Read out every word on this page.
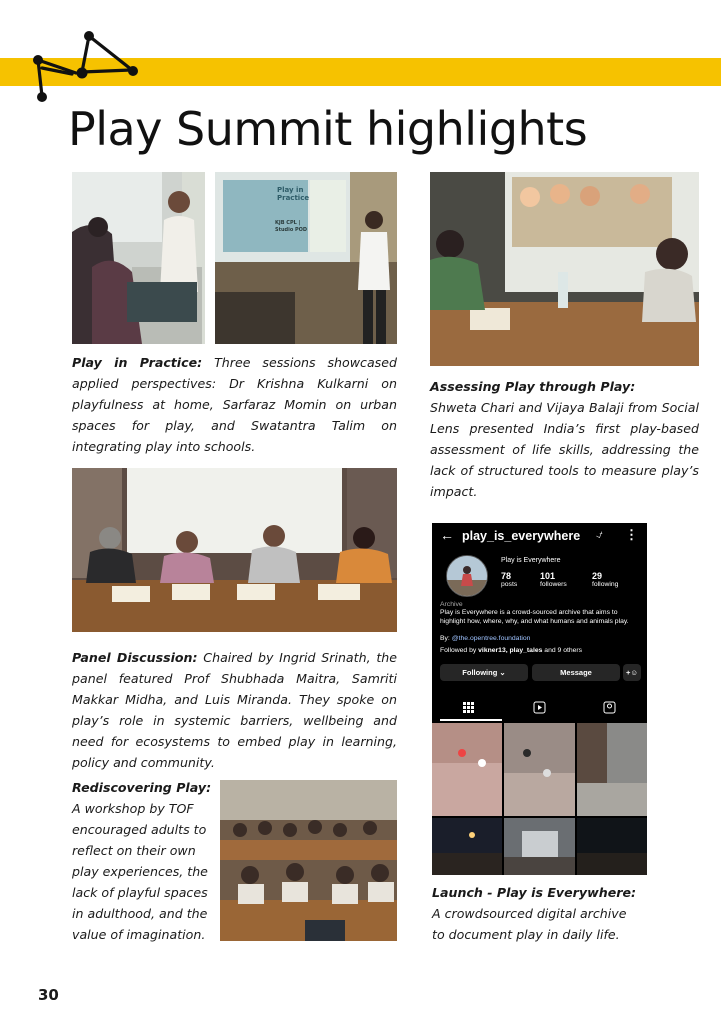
Play Summit highlights
Play in
Practice
KJB CPL |
Studio POD
Play in Practice: Three sessions showcased applied perspectives: Dr Krishna Kulkarni on playfulness at home, Sarfaraz Momin on urban spaces for play, and Swatantra Talim on integrating play into schools.
Assessing Play through Play:
Shweta Chari and Vijaya Balaji from Social Lens presented India’s first play-based assessment of life skills, addressing the lack of structured tools to measure play’s impact.
Panel Discussion: Chaired by Ingrid Srinath, the panel featured Prof Shubhada Maitra, Samriti Makkar Midha, and Luis Miranda. They spoke on play’s role in systemic barriers, wellbeing and need for ecosystems to embed play in learning, policy and community.
Rediscovering Play:
A workshop by TOF
encouraged adults to
reflect on their own
play experiences, the
lack of playful spaces
in adulthood, and the
value of imagination.
← play_is_everywhere ⍻ ⋮
Play is Everywhere
78
posts
101
followers
29
following
Archive
Play is Everywhere is a crowd-sourced archive that aims to highlight how, where, why, and what humans and animals play.
By: @the.opentree.foundation
Followed by vikner13, play_tales and 9 others
Following ⌄	Message	+☺
Launch - Play is Everywhere:
A crowdsourced digital archive
to document play in daily life.
30
